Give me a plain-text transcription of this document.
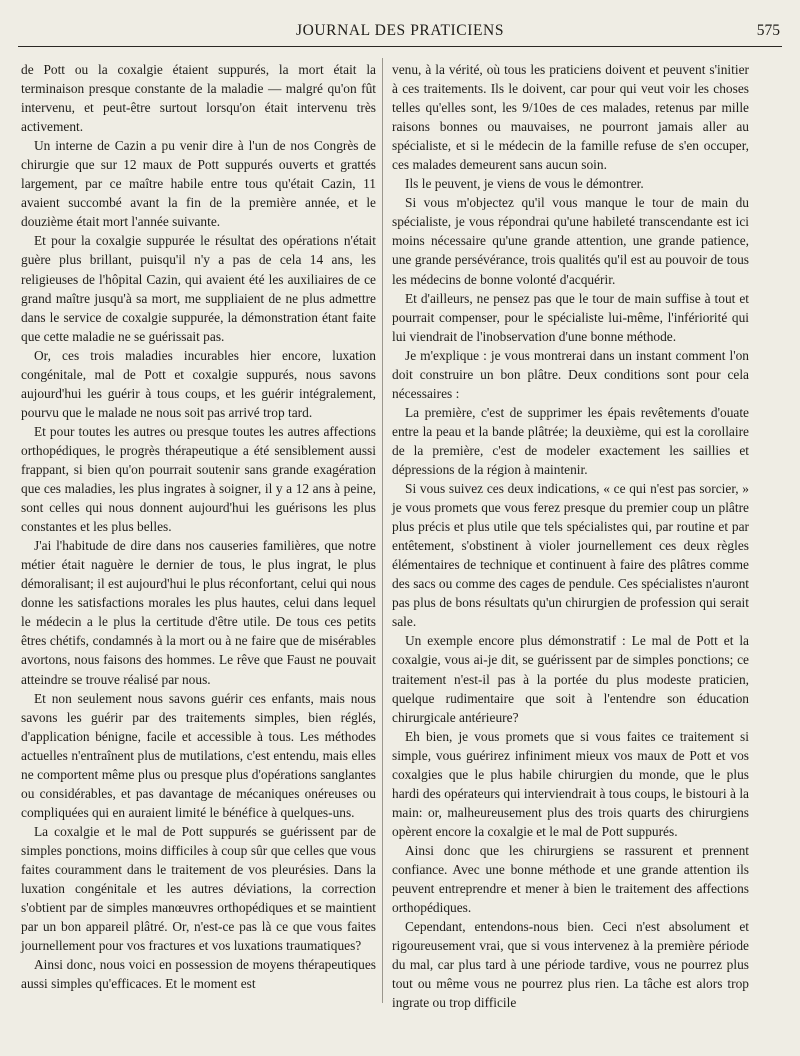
JOURNAL DES PRATICIENS	575

de Pott ou la coxalgie étaient suppurés, la mort était la terminaison presque constante de la maladie — malgré qu'on fût intervenu, et peut-être surtout lorsqu'on était intervenu très activement.

Un interne de Cazin a pu venir dire à l'un de nos Congrès de chirurgie que sur 12 maux de Pott suppurés ouverts et grattés largement, par ce maître habile entre tous qu'était Cazin, 11 avaient succombé avant la fin de la première année, et le douzième était mort l'année suivante.

Et pour la coxalgie suppurée le résultat des opérations n'était guère plus brillant, puisqu'il n'y a pas de cela 14 ans, les religieuses de l'hôpital Cazin, qui avaient été les auxiliaires de ce grand maître jusqu'à sa mort, me suppliaient de ne plus admettre dans le service de coxalgie suppurée, la démonstration étant faite que cette maladie ne se guérissait pas.

Or, ces trois maladies incurables hier encore, luxation congénitale, mal de Pott et coxalgie suppurés, nous savons aujourd'hui les guérir à tous coups, et les guérir intégralement, pourvu que le malade ne nous soit pas arrivé trop tard.

Et pour toutes les autres ou presque toutes les autres affections orthopédiques, le progrès thérapeutique a été sensiblement aussi frappant, si bien qu'on pourrait soutenir sans grande exagération que ces maladies, les plus ingrates à soigner, il y a 12 ans à peine, sont celles qui nous donnent aujourd'hui les guérisons les plus constantes et les plus belles.

J'ai l'habitude de dire dans nos causeries familières, que notre métier était naguère le dernier de tous, le plus ingrat, le plus démoralisant; il est aujourd'hui le plus réconfortant, celui qui nous donne les satisfactions morales les plus hautes, celui dans lequel le médecin a le plus la certitude d'être utile. De tous ces petits êtres chétifs, condamnés à la mort ou à ne faire que de misérables avortons, nous faisons des hommes. Le rêve que Faust ne pouvait atteindre se trouve réalisé par nous.

Et non seulement nous savons guérir ces enfants, mais nous savons les guérir par des traitements simples, bien réglés, d'application bénigne, facile et accessible à tous. Les méthodes actuelles n'entraînent plus de mutilations, c'est entendu, mais elles ne comportent même plus ou presque plus d'opérations sanglantes ou considérables, et pas davantage de mécaniques onéreuses ou compliquées qui en auraient limité le bénéfice à quelques-uns.

La coxalgie et le mal de Pott suppurés se guérissent par de simples ponctions, moins difficiles à coup sûr que celles que vous faites couramment dans le traitement de vos pleurésies. Dans la luxation congénitale et les autres déviations, la correction s'obtient par de simples manœuvres orthopédiques et se maintient par un bon appareil plâtré. Or, n'est-ce pas là ce que vous faites journellement pour vos fractures et vos luxations traumatiques?

Ainsi donc, nous voici en possession de moyens thérapeutiques aussi simples qu'efficaces. Et le moment est

venu, à la vérité, où tous les praticiens doivent et peuvent s'initier à ces traitements. Ils le doivent, car pour qui veut voir les choses telles qu'elles sont, les 9/10es de ces malades, retenus par mille raisons bonnes ou mauvaises, ne pourront jamais aller au spécialiste, et si le médecin de la famille refuse de s'en occuper, ces malades demeurent sans aucun soin.

Ils le peuvent, je viens de vous le démontrer.

Si vous m'objectez qu'il vous manque le tour de main du spécialiste, je vous répondrai qu'une habileté transcendante est ici moins nécessaire qu'une grande attention, une grande patience, une grande persévérance, trois qualités qu'il est au pouvoir de tous les médecins de bonne volonté d'acquérir.

Et d'ailleurs, ne pensez pas que le tour de main suffise à tout et pourrait compenser, pour le spécialiste lui-même, l'infériorité qui lui viendrait de l'inobservation d'une bonne méthode.

Je m'explique : je vous montrerai dans un instant comment l'on doit construire un bon plâtre. Deux conditions sont pour cela nécessaires :

La première, c'est de supprimer les épais revêtements d'ouate entre la peau et la bande plâtrée; la deuxième, qui est la corollaire de la première, c'est de modeler exactement les saillies et dépressions de la région à maintenir.

Si vous suivez ces deux indications, « ce qui n'est pas sorcier, » je vous promets que vous ferez presque du premier coup un plâtre plus précis et plus utile que tels spécialistes qui, par routine et par entêtement, s'obstinent à violer journellement ces deux règles élémentaires de technique et continuent à faire des plâtres comme des sacs ou comme des cages de pendule. Ces spécialistes n'auront pas plus de bons résultats qu'un chirurgien de profession qui serait sale.

Un exemple encore plus démonstratif : Le mal de Pott et la coxalgie, vous ai-je dit, se guérissent par de simples ponctions; ce traitement n'est-il pas à la portée du plus modeste praticien, quelque rudimentaire que soit à l'entendre son éducation chirurgicale antérieure?

Eh bien, je vous promets que si vous faites ce traitement si simple, vous guérirez infiniment mieux vos maux de Pott et vos coxalgies que le plus habile chirurgien du monde, que le plus hardi des opérateurs qui interviendrait à tous coups, le bistouri à la main: or, malheureusement plus des trois quarts des chirurgiens opèrent encore la coxalgie et le mal de Pott suppurés.

Ainsi donc que les chirurgiens se rassurent et prennent confiance. Avec une bonne méthode et une grande attention ils peuvent entreprendre et mener à bien le traitement des affections orthopédiques.

Cependant, entendons-nous bien. Ceci n'est absolument et rigoureusement vrai, que si vous intervenez à la première période du mal, car plus tard à une période tardive, vous ne pourrez plus tout ou même vous ne pourrez plus rien. La tâche est alors trop ingrate ou trop difficile
